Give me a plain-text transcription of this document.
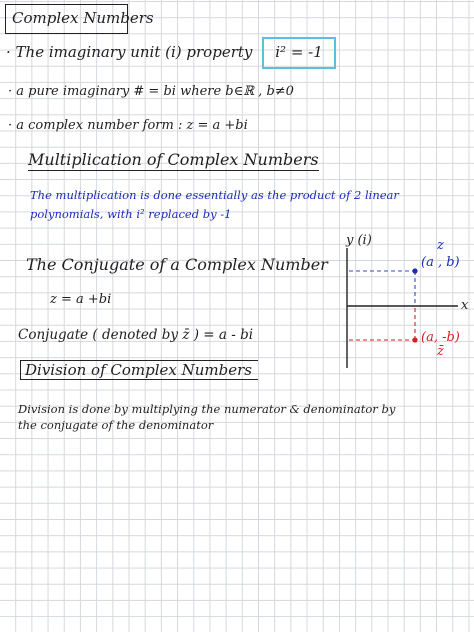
Complex Numbers
· The imaginary unit (i) property	i² = -1
· a pure imaginary # = bi where b∈ℝ , b≠0
· a complex number form : z = a +bi
Multiplication of Complex Numbers
The multiplication is done essentially as the product of 2 linear
polynomials, with i² replaced by -1
The Conjugate of a Complex Number
z = a +bi
Conjugate ( denoted by z̄ ) = a - bi
Division of Complex Numbers
Division is done by multiplying the numerator & denominator by
the conjugate of the denominator
y (i)
x
z
(a , b)
(a, -b)
z̄
